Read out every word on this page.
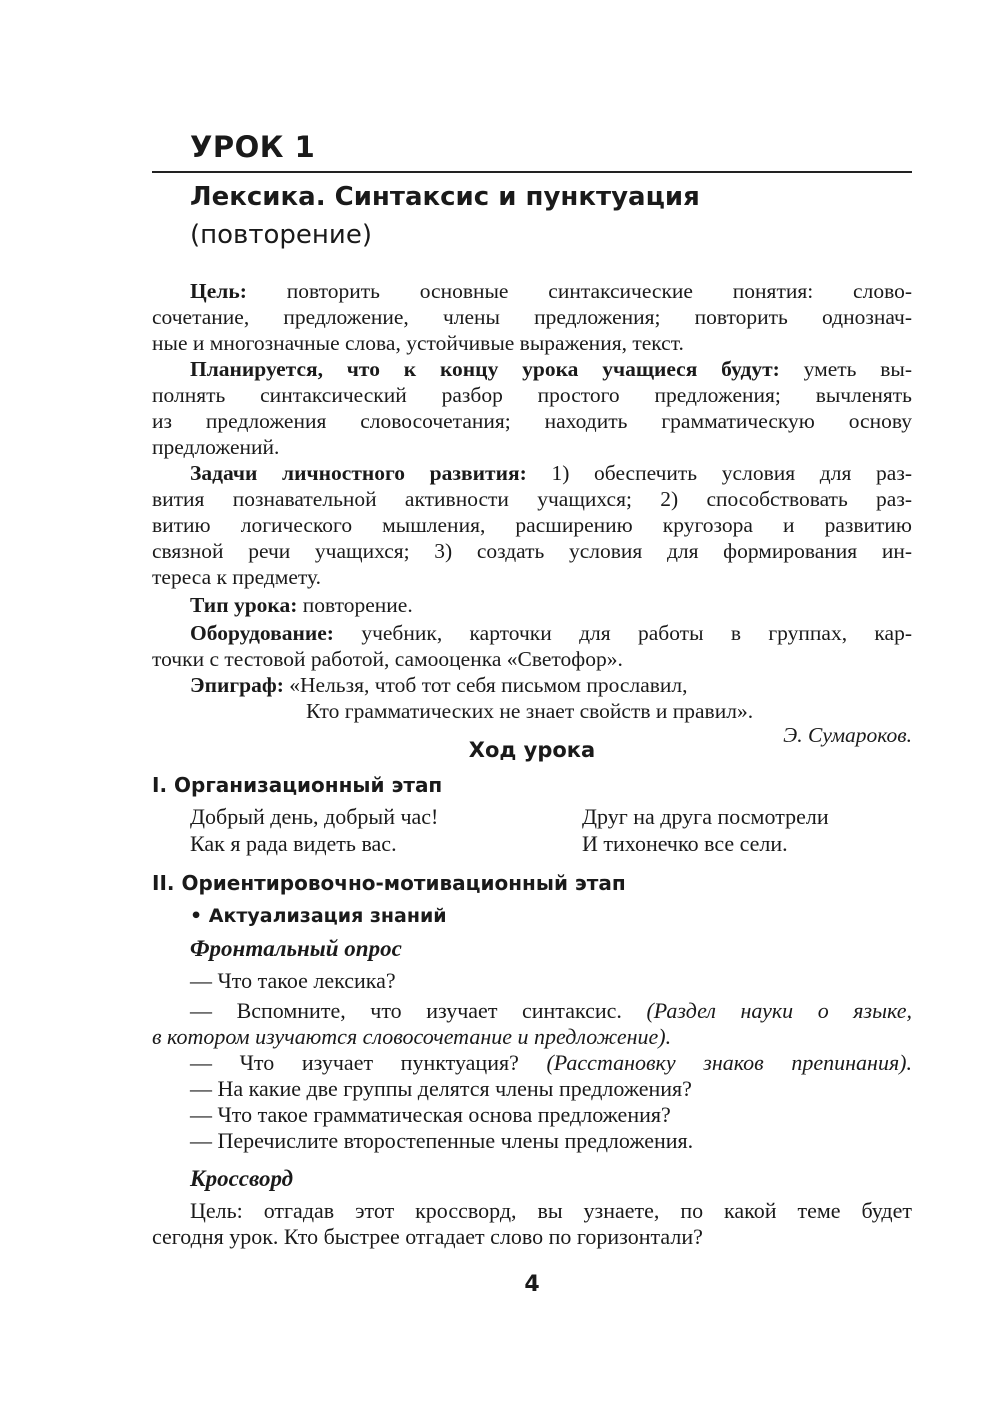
УРОК 1
Лексика. Синтаксис и пунктуация
(повторение)
Цель: повторить основные синтаксические понятия: слово-
сочетание, предложение, члены предложения; повторить однознач-
ные и многозначные слова, устойчивые выражения, текст.
Планируется, что к концу урока учащиеся будут: уметь вы-
полнять синтаксический разбор простого предложения; вычленять
из предложения словосочетания; находить грамматическую основу
предложений.
Задачи личностного развития: 1) обеспечить условия для раз-
вития познавательной активности учащихся; 2) способствовать раз-
витию логического мышления, расширению кругозора и развитию
связной речи учащихся; 3) создать условия для формирования ин-
тереса к предмету.
Тип урока: повторение.
Оборудование: учебник, карточки для работы в группах, кар-
точки с тестовой работой, самооценка «Светофор».
Эпиграф: «Нельзя, чтоб тот себя письмом прославил,
Кто грамматических не знает свойств и правил».
Э. Сумароков.
Ход урока
I. Организационный этап
Добрый день, добрый час!
Как я рада видеть вас.
Друг на друга посмотрели
И тихонечко все сели.
II. Ориентировочно-мотивационный этап
• Актуализация знаний
Фронтальный опрос
— Что такое лексика?
— Вспомните, что изучает синтаксис. (Раздел науки о языке,
в котором изучаются словосочетание и предложение).
— Что изучает пунктуация? (Расстановку знаков препинания).
— На какие две группы делятся члены предложения?
— Что такое грамматическая основа предложения?
— Перечислите второстепенные члены предложения.
Кроссворд
Цель: отгадав этот кроссворд, вы узнаете, по какой теме будет
сегодня урок. Кто быстрее отгадает слово по горизонтали?
4
